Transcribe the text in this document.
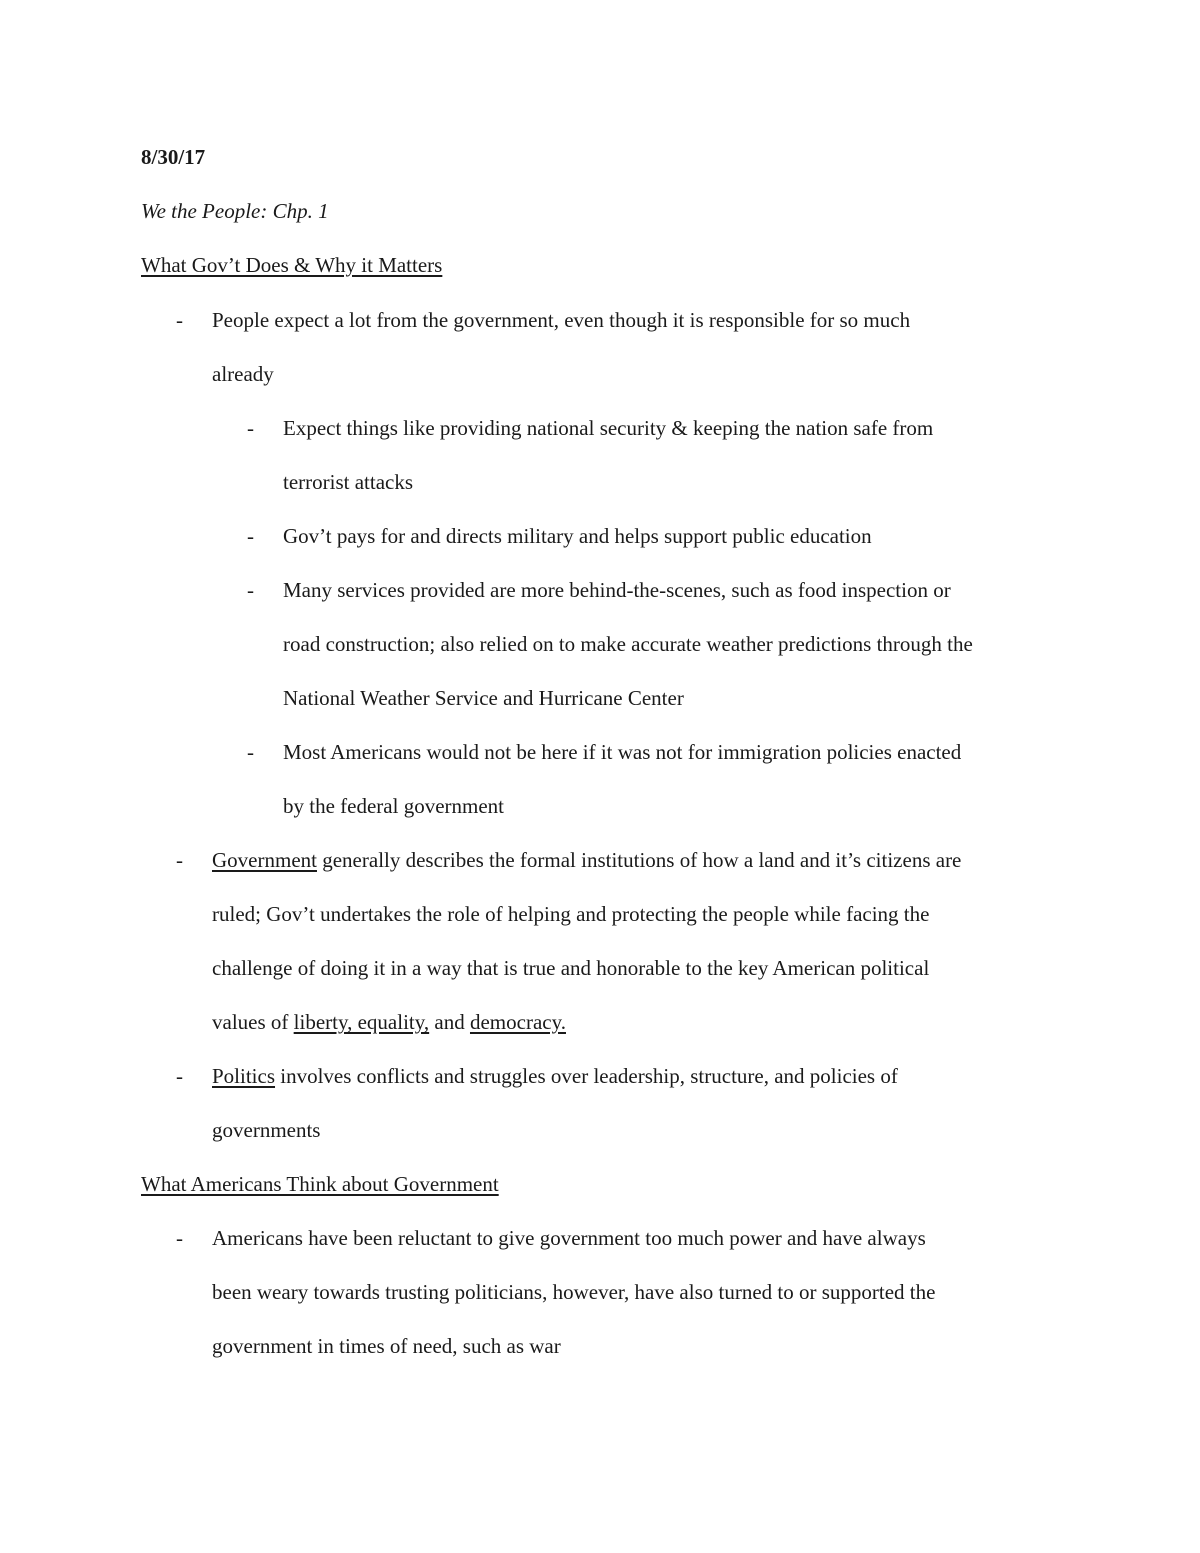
8/30/17
We the People: Chp. 1
What Gov’t Does & Why it Matters
- People expect a lot from the government, even though it is responsible for so much
already
- Expect things like providing national security & keeping the nation safe from
terrorist attacks
- Gov’t pays for and directs military and helps support public education
- Many services provided are more behind-the-scenes, such as food inspection or
road construction; also relied on to make accurate weather predictions through the
National Weather Service and Hurricane Center
- Most Americans would not be here if it was not for immigration policies enacted
by the federal government
- Government generally describes the formal institutions of how a land and it’s citizens are
ruled; Gov’t undertakes the role of helping and protecting the people while facing the
challenge of doing it in a way that is true and honorable to the key American political
values of liberty, equality, and democracy.
- Politics involves conflicts and struggles over leadership, structure, and policies of
governments
What Americans Think about Government
- Americans have been reluctant to give government too much power and have always
been weary towards trusting politicians, however, have also turned to or supported the
government in times of need, such as war
